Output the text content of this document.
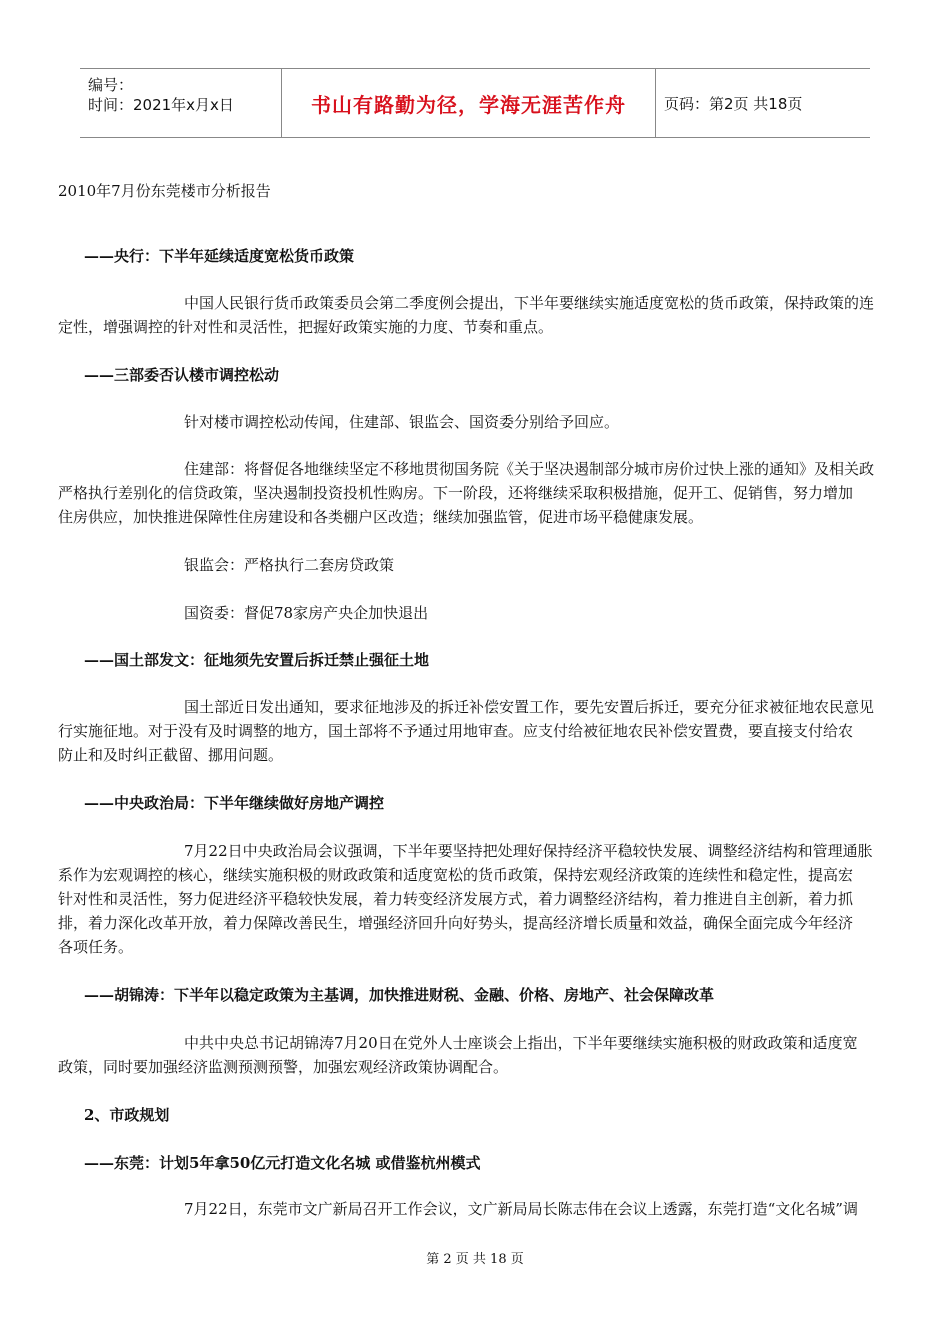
编号：
时间：2021年x月x日	书山有路勤为径，学海无涯苦作舟	页码：第2页 共18页
2010年7月份东莞楼市分析报告
——央行：下半年延续适度宽松货币政策
中国人民银行货币政策委员会第二季度例会提出，下半年要继续实施适度宽松的货币政策，保持政策的连
定性，增强调控的针对性和灵活性，把握好政策实施的力度、节奏和重点。
——三部委否认楼市调控松动
针对楼市调控松动传闻，住建部、银监会、国资委分别给予回应。
住建部：将督促各地继续坚定不移地贯彻国务院《关于坚决遏制部分城市房价过快上涨的通知》及相关政
严格执行差别化的信贷政策，坚决遏制投资投机性购房。下一阶段，还将继续采取积极措施，促开工、促销售，努力增加
住房供应，加快推进保障性住房建设和各类棚户区改造；继续加强监管，促进市场平稳健康发展。
银监会：严格执行二套房贷政策
国资委：督促78家房产央企加快退出
——国土部发文：征地须先安置后拆迁禁止强征土地
国土部近日发出通知，要求征地涉及的拆迁补偿安置工作，要先安置后拆迁，要充分征求被征地农民意见
行实施征地。对于没有及时调整的地方，国土部将不予通过用地审查。应支付给被征地农民补偿安置费，要直接支付给农
防止和及时纠正截留、挪用问题。
——中央政治局：下半年继续做好房地产调控
7月22日中央政治局会议强调，下半年要坚持把处理好保持经济平稳较快发展、调整经济结构和管理通胀
系作为宏观调控的核心，继续实施积极的财政政策和适度宽松的货币政策，保持宏观经济政策的连续性和稳定性，提高宏
针对性和灵活性，努力促进经济平稳较快发展，着力转变经济发展方式，着力调整经济结构，着力推进自主创新，着力抓
排，着力深化改革开放，着力保障改善民生，增强经济回升向好势头，提高经济增长质量和效益，确保全面完成今年经济
各项任务。
——胡锦涛：下半年以稳定政策为主基调，加快推进财税、金融、价格、房地产、社会保障改革
中共中央总书记胡锦涛7月20日在党外人士座谈会上指出，下半年要继续实施积极的财政政策和适度宽
政策，同时要加强经济监测预测预警，加强宏观经济政策协调配合。
2、市政规划
——东莞：计划5年拿50亿元打造文化名城 或借鉴杭州模式
7月22日，东莞市文广新局召开工作会议，文广新局局长陈志伟在会议上透露，东莞打造“文化名城”调
第 2 页 共 18 页
